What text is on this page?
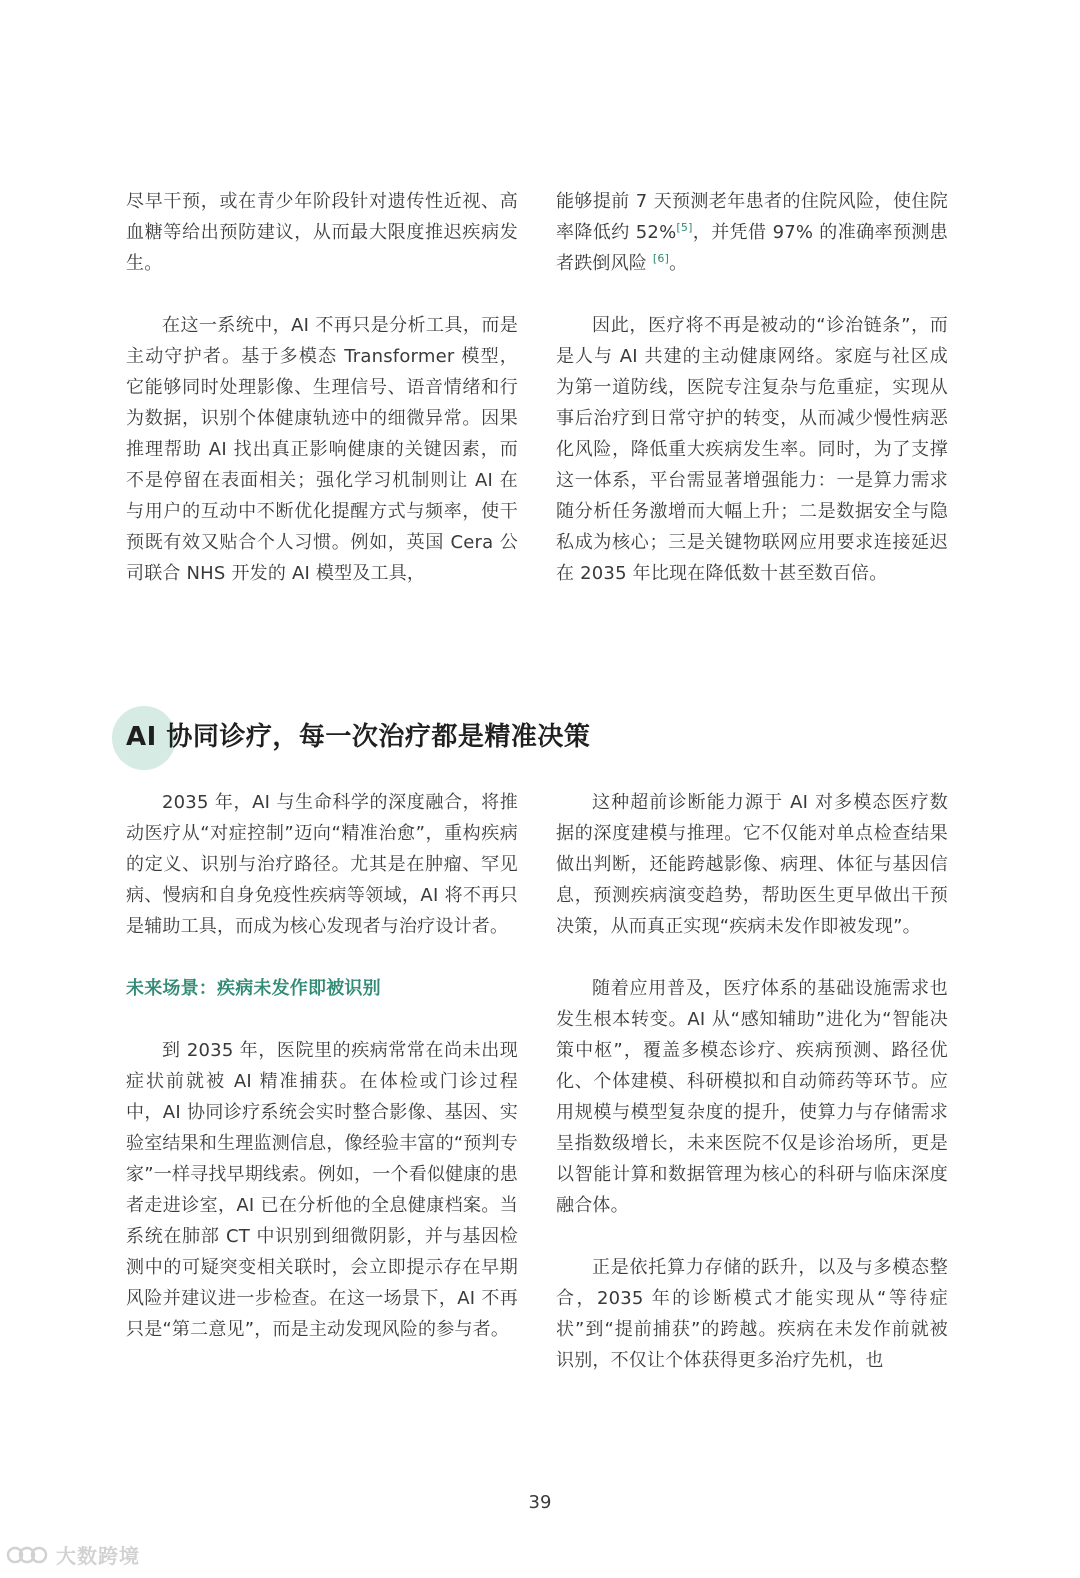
尽早干预，或在青少年阶段针对遗传性近视、高血糖等给出预防建议，从而最大限度推迟疾病发生。

在这一系统中，AI 不再只是分析工具，而是主动守护者。基于多模态 Transformer 模型，它能够同时处理影像、生理信号、语音情绪和行为数据，识别个体健康轨迹中的细微异常。因果推理帮助 AI 找出真正影响健康的关键因素，而不是停留在表面相关；强化学习机制则让 AI 在与用户的互动中不断优化提醒方式与频率，使干预既有效又贴合个人习惯。例如，英国 Cera 公司联合 NHS 开发的 AI 模型及工具，

能够提前 7 天预测老年患者的住院风险，使住院率降低约 52%[5]，并凭借 97% 的准确率预测患者跌倒风险 [6]。

因此，医疗将不再是被动的“诊治链条”，而是人与 AI 共建的主动健康网络。家庭与社区成为第一道防线，医院专注复杂与危重症，实现从事后治疗到日常守护的转变，从而减少慢性病恶化风险，降低重大疾病发生率。同时，为了支撑这一体系，平台需显著增强能力：一是算力需求随分析任务激增而大幅上升；二是数据安全与隐私成为核心；三是关键物联网应用要求连接延迟在 2035 年比现在降低数十甚至数百倍。

AI 协同诊疗，每一次治疗都是精准决策

2035 年，AI 与生命科学的深度融合，将推动医疗从“对症控制”迈向“精准治愈”，重构疾病的定义、识别与治疗路径。尤其是在肿瘤、罕见病、慢病和自身免疫性疾病等领域，AI 将不再只是辅助工具，而成为核心发现者与治疗设计者。

未来场景：疾病未发作即被识别

到 2035 年，医院里的疾病常常在尚未出现症状前就被 AI 精准捕获。在体检或门诊过程中，AI 协同诊疗系统会实时整合影像、基因、实验室结果和生理监测信息，像经验丰富的“预判专家”一样寻找早期线索。例如，一个看似健康的患者走进诊室，AI 已在分析他的全息健康档案。当系统在肺部 CT 中识别到细微阴影，并与基因检测中的可疑突变相关联时，会立即提示存在早期风险并建议进一步检查。在这一场景下，AI 不再只是“第二意见”，而是主动发现风险的参与者。

这种超前诊断能力源于 AI 对多模态医疗数据的深度建模与推理。它不仅能对单点检查结果做出判断，还能跨越影像、病理、体征与基因信息，预测疾病演变趋势，帮助医生更早做出干预决策，从而真正实现“疾病未发作即被发现”。

随着应用普及，医疗体系的基础设施需求也发生根本转变。AI 从“感知辅助”进化为“智能决策中枢”，覆盖多模态诊疗、疾病预测、路径优化、个体建模、科研模拟和自动筛药等环节。应用规模与模型复杂度的提升，使算力与存储需求呈指数级增长，未来医院不仅是诊治场所，更是以智能计算和数据管理为核心的科研与临床深度融合体。

正是依托算力存储的跃升，以及与多模态整合，2035 年的诊断模式才能实现从“等待症状”到“提前捕获”的跨越。疾病在未发作前就被识别，不仅让个体获得更多治疗先机，也

39
大数跨境
